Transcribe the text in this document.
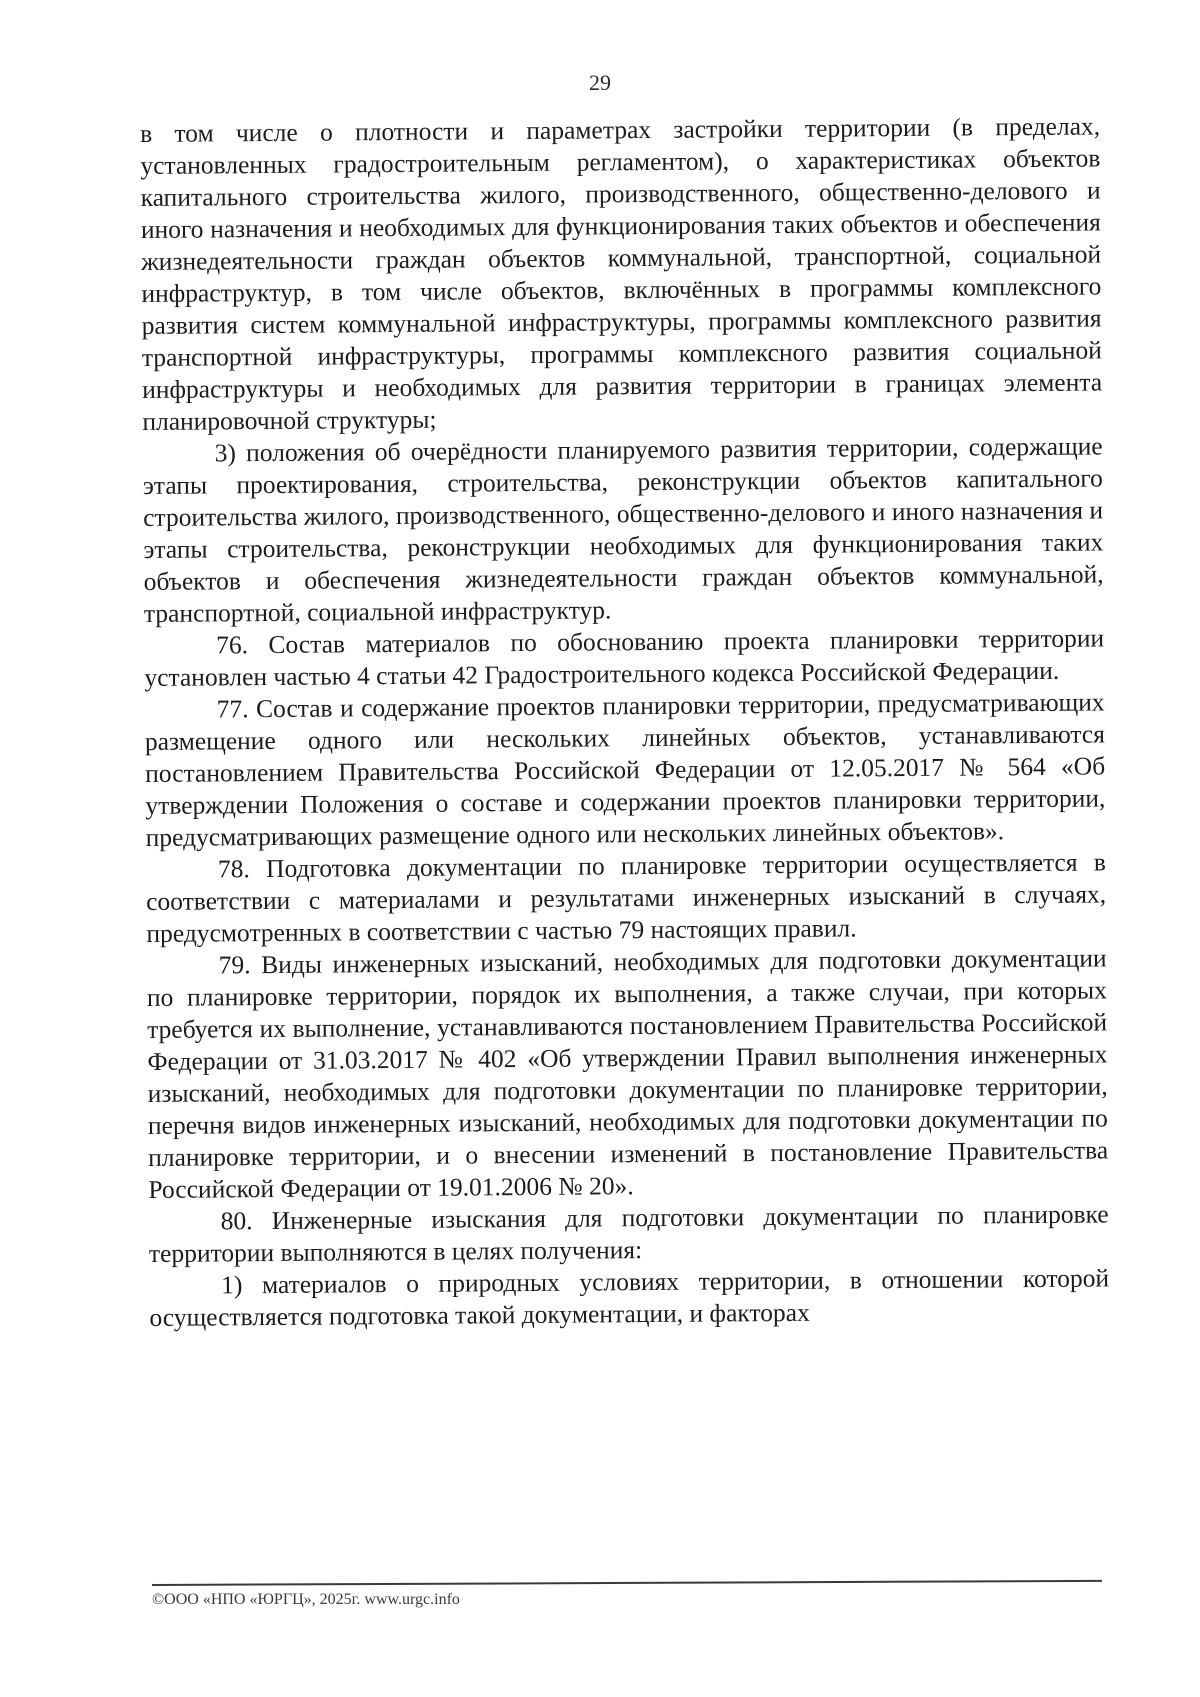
29

в том числе о плотности и параметрах застройки территории (в пределах, установленных градостроительным регламентом), о характеристиках объектов капитального строительства жилого, производственного, общественно-делового и иного назначения и необходимых для функционирования таких объектов и обеспечения жизнедеятельности граждан объектов коммунальной, транспортной, социальной инфраструктур, в том числе объектов, включённых в программы комплексного развития систем коммунальной инфраструктуры, программы комплексного развития транспортной инфраструктуры, программы комплексного развития социальной инфраструктуры и необходимых для развития территории в границах элемента планировочной структуры;

3) положения об очерёдности планируемого развития территории, содержащие этапы проектирования, строительства, реконструкции объектов капитального строительства жилого, производственного, общественно-делового и иного назначения и этапы строительства, реконструкции необходимых для функционирования таких объектов и обеспечения жизнедеятельности граждан объектов коммунальной, транспортной, социальной инфраструктур.

76. Состав материалов по обоснованию проекта планировки территории установлен частью 4 статьи 42 Градостроительного кодекса Российской Федерации.

77. Состав и содержание проектов планировки территории, предусматривающих размещение одного или нескольких линейных объектов, устанавливаются постановлением Правительства Российской Федерации от 12.05.2017 № 564 «Об утверждении Положения о составе и содержании проектов планировки территории, предусматривающих размещение одного или нескольких линейных объектов».

78. Подготовка документации по планировке территории осуществляется в соответствии с материалами и результатами инженерных изысканий в случаях, предусмотренных в соответствии с частью 79 настоящих правил.

79. Виды инженерных изысканий, необходимых для подготовки документации по планировке территории, порядок их выполнения, а также случаи, при которых требуется их выполнение, устанавливаются постановлением Правительства Российской Федерации от 31.03.2017 № 402 «Об утверждении Правил выполнения инженерных изысканий, необходимых для подготовки документации по планировке территории, перечня видов инженерных изысканий, необходимых для подготовки документации по планировке территории, и о внесении изменений в постановление Правительства Российской Федерации от 19.01.2006 № 20».

80. Инженерные изыскания для подготовки документации по планировке территории выполняются в целях получения:

1) материалов о природных условиях территории, в отношении которой осуществляется подготовка такой документации, и факторах

©ООО «НПО «ЮРГЦ», 2025г. www.urgc.info
